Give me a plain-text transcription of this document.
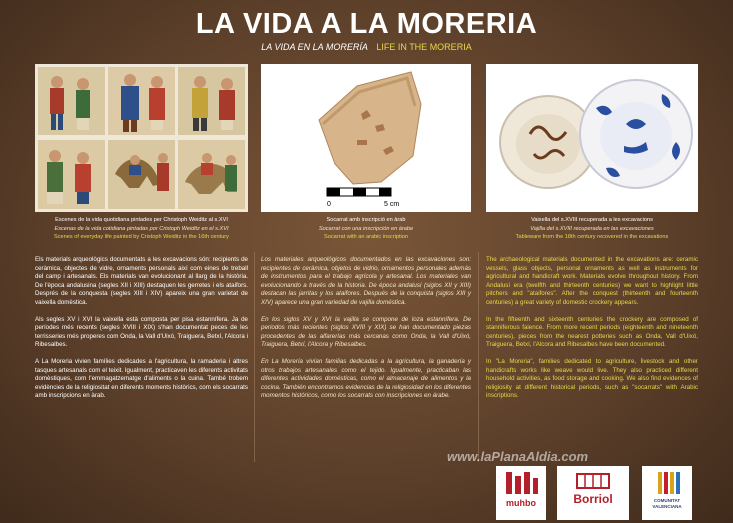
LA VIDA A LA MORERIA
LA VIDA EN LA MORERÍA LIFE IN THE MORERIA
Escenes de la vida quotidiana pintades per Christoph Weiditz al s.XVI
Escenas de la vida cotidiana pintadas por Cristoph Weiditz en el s.XVI
Scenes of everyday life painted by Cristoph Weiditz in the 16th century
0	5 cm
Socarrat amb inscripció en àrab
Socarrat con una inscripción en árabe
Socarrat with an arabic inscription
Vaixella del s.XVIII recuperada a les excavacions
Vajilla del s.XVIII recuperada en las excavaciones
Tableware from the 18th century recovered in the excavations

Els materials arqueològics documentats a les excavacions són: recipients de ceràmica, objectes de vidre, ornaments personals així com eines de treball del camp i artesanals. Els materials van evolucionant al llarg de la història. De l'època andalusina (segles XII i XIII) destaquen les gerretes i els ataifors. Després de la conquesta (segles XIII i XIV) apareix una gran varietat de vaixella domèstica.

Als segles XV i XVI la vaixella està composta per pisa estannífera. Ja de períodes més recents (segles XVIII i XIX) s'han documentat peces de les terrisseries més properes com Onda, la Vall d'Uixó, Traiguera, Betxí, l'Alcora i Ribesalbes.

A La Moreria vivien famílies dedicades a l'agricultura, la ramaderia i altres tasques artesanals com el teixit. Igualment, practicaven les diferents activitats domèstiques, com l'emmagatzematge d'aliments o la cuina. També trobem evidències de la religiositat en diferents moments històrics, com els socarrats amb inscripcions en àrab.

Los materiales arqueológicos documentados en las excavaciones son: recipientes de cerámica, objetos de vidrio, ornamentos personales además de instrumentos para el trabajo agrícola y artesanal. Los materiales van evolucionando a través de la historia. De época andalusí (siglos XII y XIII) destacan las jarritas y los ataifores. Después de la conquista (siglos XIII y XIV) aparece una gran variedad de vajilla doméstica.

En los siglos XV y XVI la vajilla se compone de loza estannífera. De periodos más recientes (siglos XVIII y XIX) se han documentado piezas procedentes de las alfarerías más cercanas como Onda, la Vall d'Uixó, Traiguera, Betxí, l'Alcora y Ribesalbes.

En La Morería vivían familias dedicadas a la agricultura, la ganadería y otros trabajos artesanales como el tejido. Igualmente, practicaban las diferentes actividades domésticas, como el almacenaje de alimentos y la cocina. También encontramos evidencias de la religiosidad en los diferentes momentos históricos, como los socarrats con inscripciones en árabe.

The archaeological materials documented in the excavations are: ceramic vessels, glass objects, personal ornaments as well as instruments for agricultural and handicraft work. Materials evolve throughout history. From Andalusí era (twelfth and thirteenth centuries) we want to highlight little pitchers and "ataifores". After the conquest (thirteenth and fourteenth centuries) a great variety of domestic crockery appears.

In the fifteenth and sixteenth centuries the crockery are composed of stanniferous faience. From more recent periods (eighteenth and nineteenth centuries), pieces from the nearest potteries such as Onda, Vall d'Uixó, Traiguera, Betxí, l'Alcora and Ribesalbes have been documented.

In "La Moreria", families dedicated to agriculture, livestock and other handicrafts works like weave would live. They also practiced different household activities, as food storage and cooking. We also find evidences of religiosity at different historical periods, such as "socarrats" with Arabic inscriptions.

www.laPlanaAldia.com
muhbo	Borriol	COMUNITAT VALENCIANA
